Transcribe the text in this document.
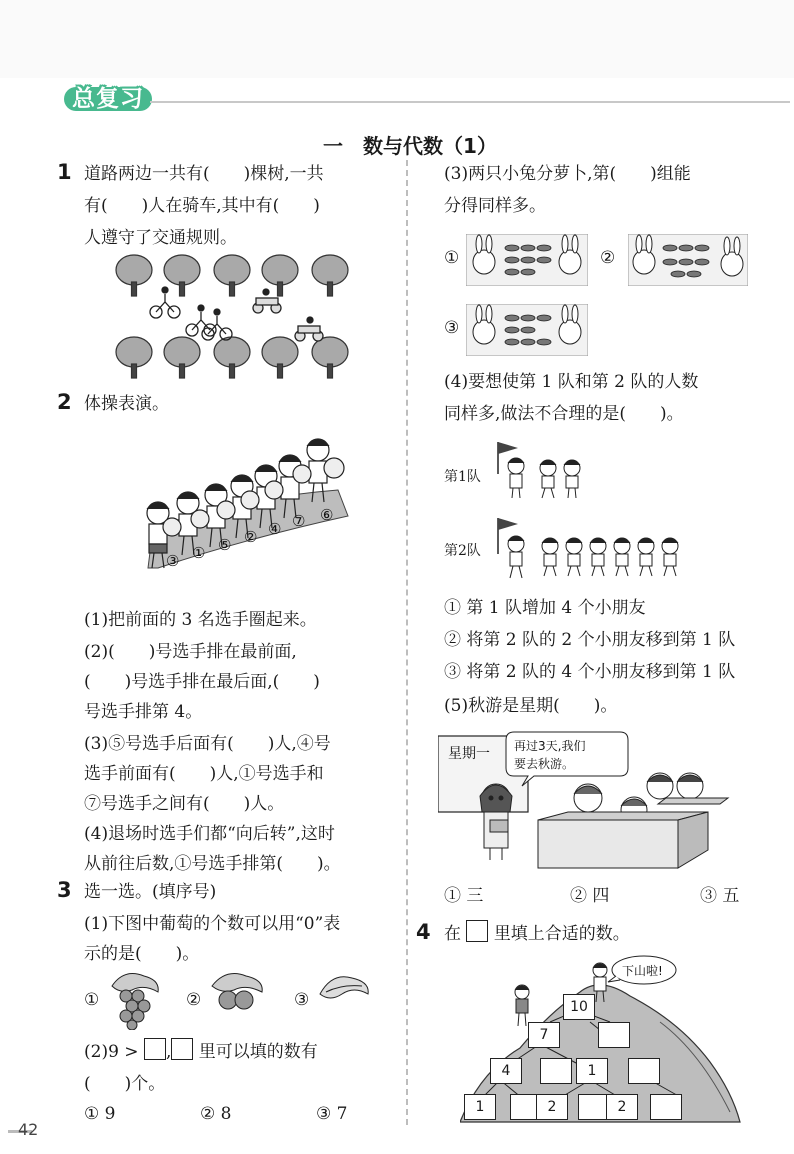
总复习
一　数与代数（1）
1 道路两边一共有(　　)棵树,一共
有(　　)人在骑车,其中有(　　)
人遵守了交通规则。
2 体操表演。
③ ① ⑤ ② ④ ⑦ ⑥
(1)把前面的 3 名选手圈起来。
(2)(　　)号选手排在最前面,
(　　)号选手排在最后面,(　　)
号选手排第 4。
(3)⑤号选手后面有(　　)人,④号
选手前面有(　　)人,①号选手和
⑦号选手之间有(　　)人。
(4)退场时选手们都“向后转”,这时
从前往后数,①号选手排第(　　)。
3 选一选。(填序号)
(1)下图中葡萄的个数可以用“0”表
示的是(　　)。
①	②	③
(2)9 > , 里可以填的数有
(　　)个。
① 9	② 8	③ 7
42
(3)两只小兔分萝卜,第(　　)组能
分得同样多。
①	②
③
(4)要想使第 1 队和第 2 队的人数
同样多,做法不合理的是(　　)。
第1队
第2队
① 第 1 队增加 4 个小朋友
② 将第 2 队的 2 个小朋友移到第 1 队
③ 将第 2 队的 4 个小朋友移到第 1 队
(5)秋游是星期(　　)。
星期一 再过3天,我们
要去秋游。
① 三	② 四	③ 五
4 在 里填上合适的数。
下山啦!
10
7
4	1
1	2	2
